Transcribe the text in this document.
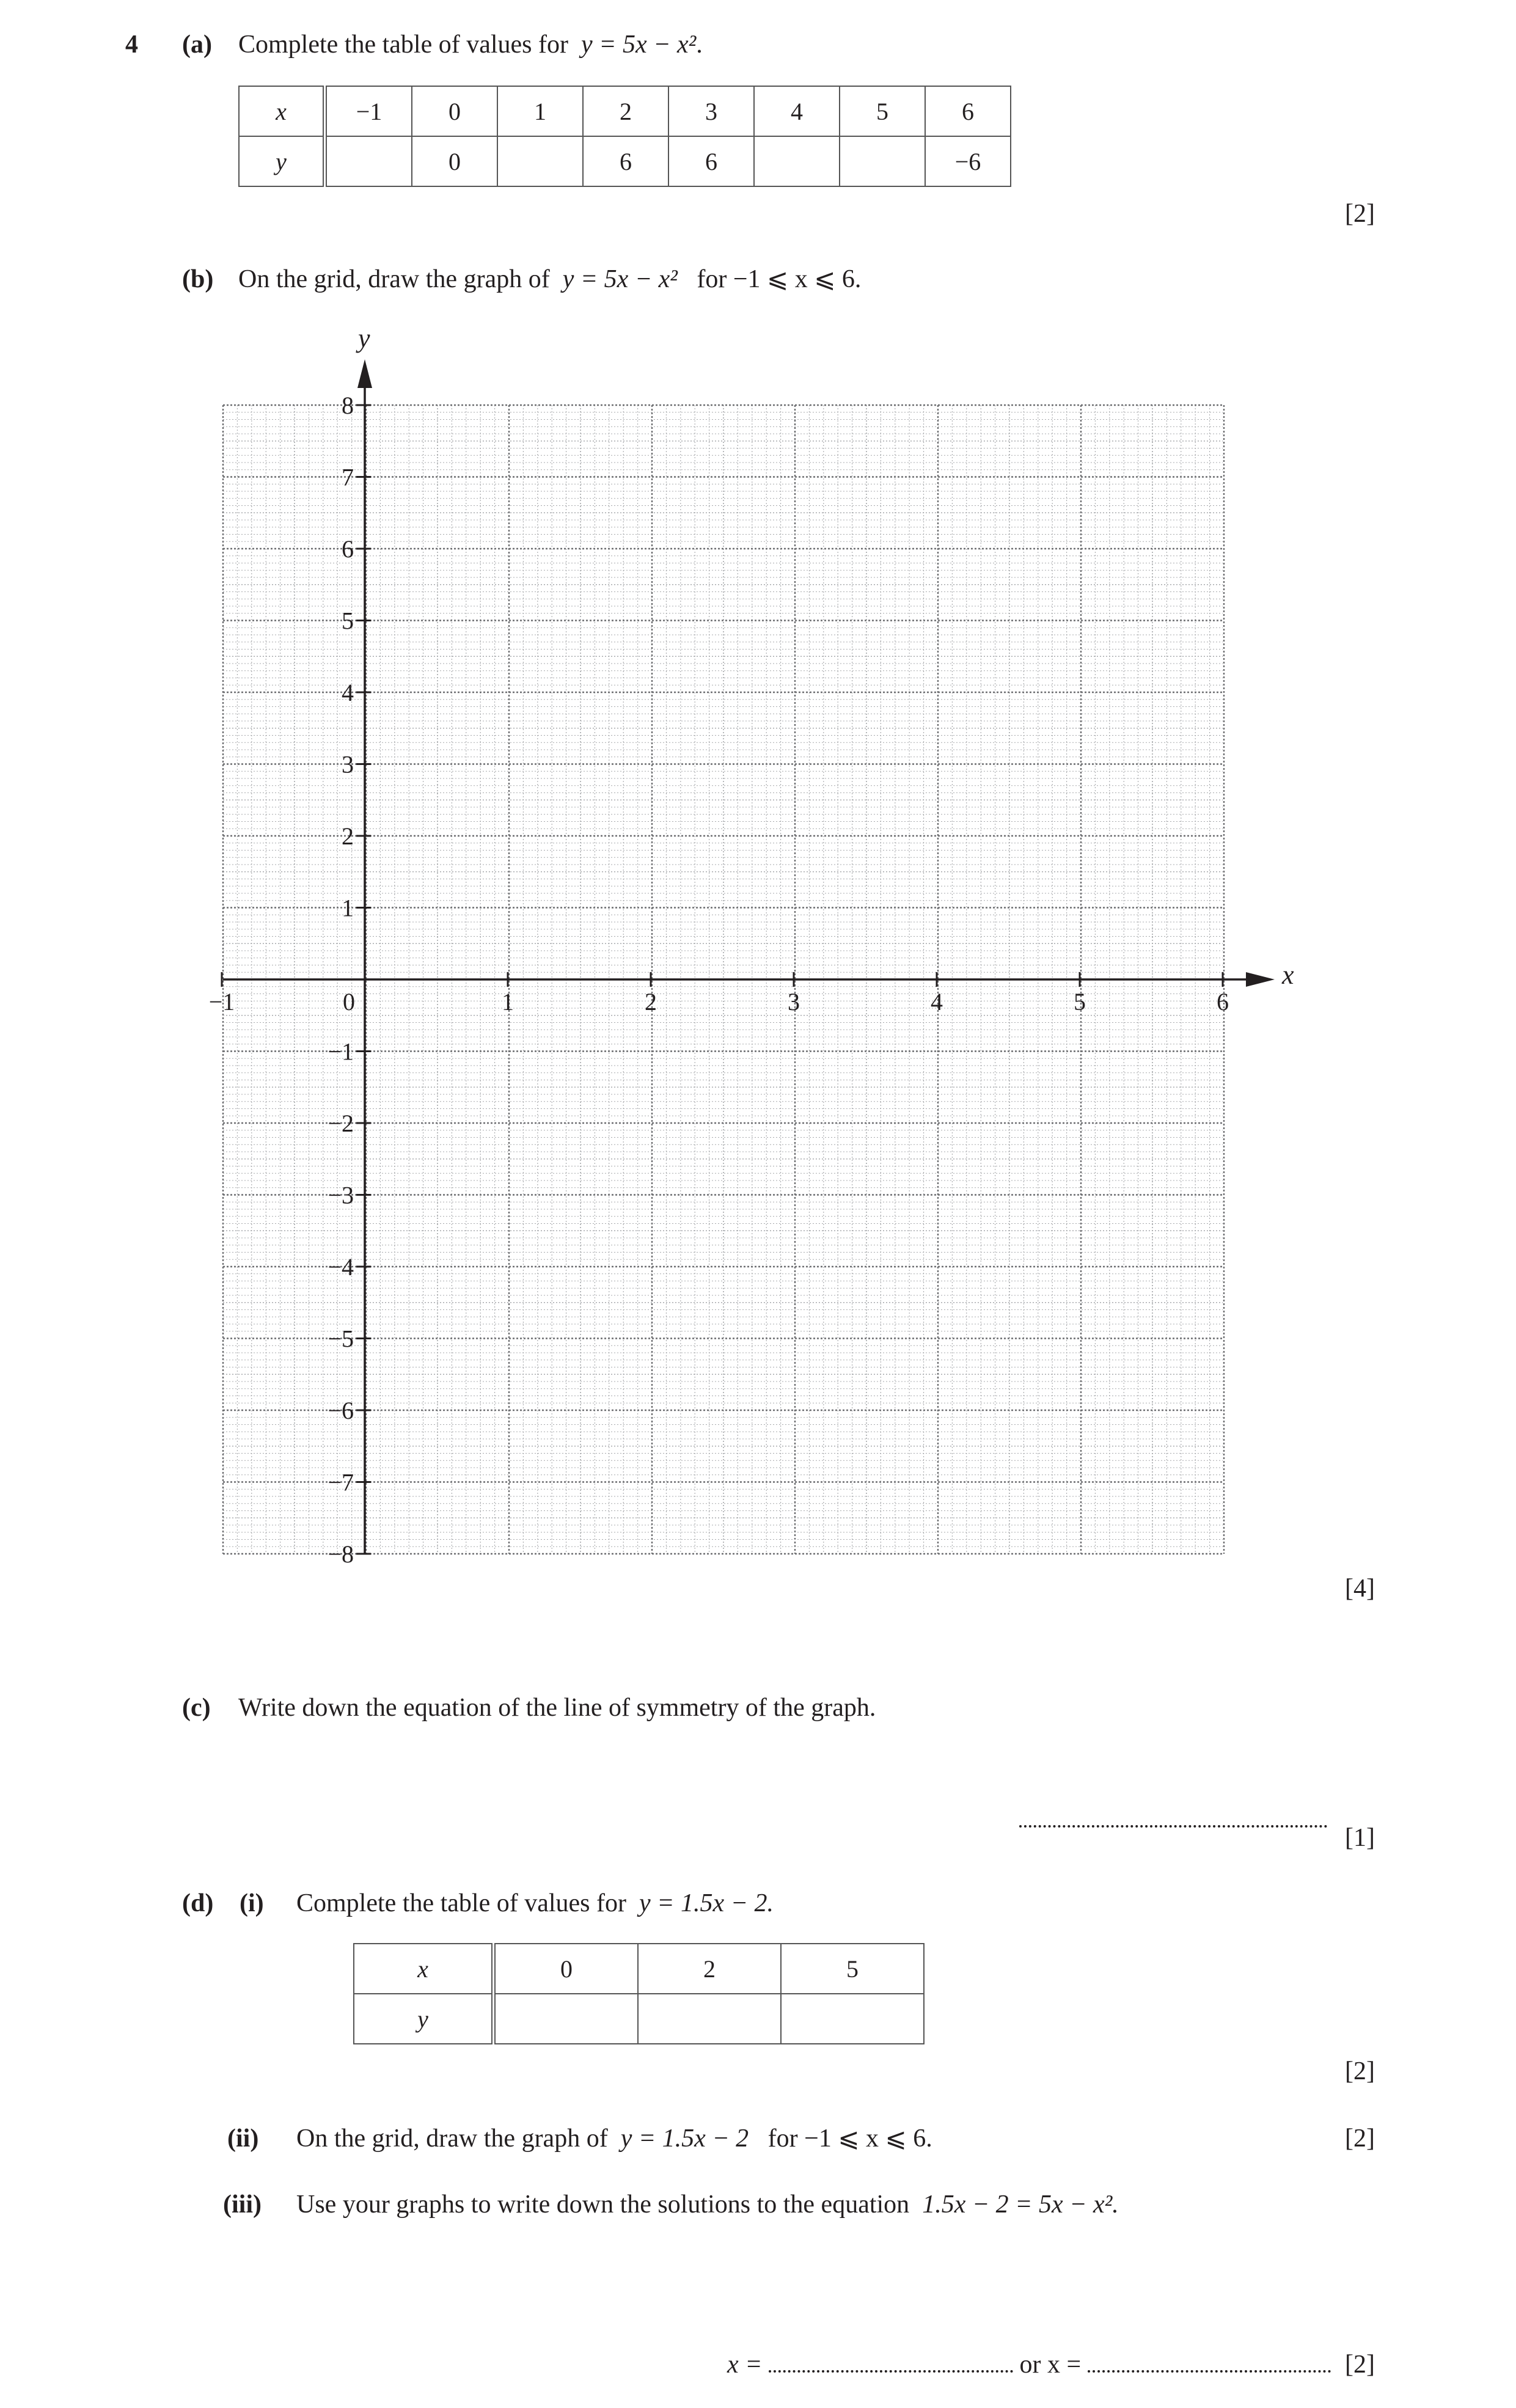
4 (a) Complete the table of values for y = 5x − x².
x	−1	0	1	2	3	4	5	6
y		0		6	6			−6
[2]
(b) On the grid, draw the graph of y = 5x − x² for −1 ⩽ x ⩽ 6.
−1	0	1	2	3	4	5	6
8
7
6
5
4
3
2
1
−1
−2
−3
−4
−5
−6
−7
−8
x
y
[4]
(c) Write down the equation of the line of symmetry of the graph.
[1]
(d) (i) Complete the table of values for y = 1.5x − 2.
x	0	2	5
y			
[2]
(ii) On the grid, draw the graph of y = 1.5x − 2 for −1 ⩽ x ⩽ 6.	[2]
(iii) Use your graphs to write down the solutions to the equation 1.5x − 2 = 5x − x².
x =	or x =	[2]
